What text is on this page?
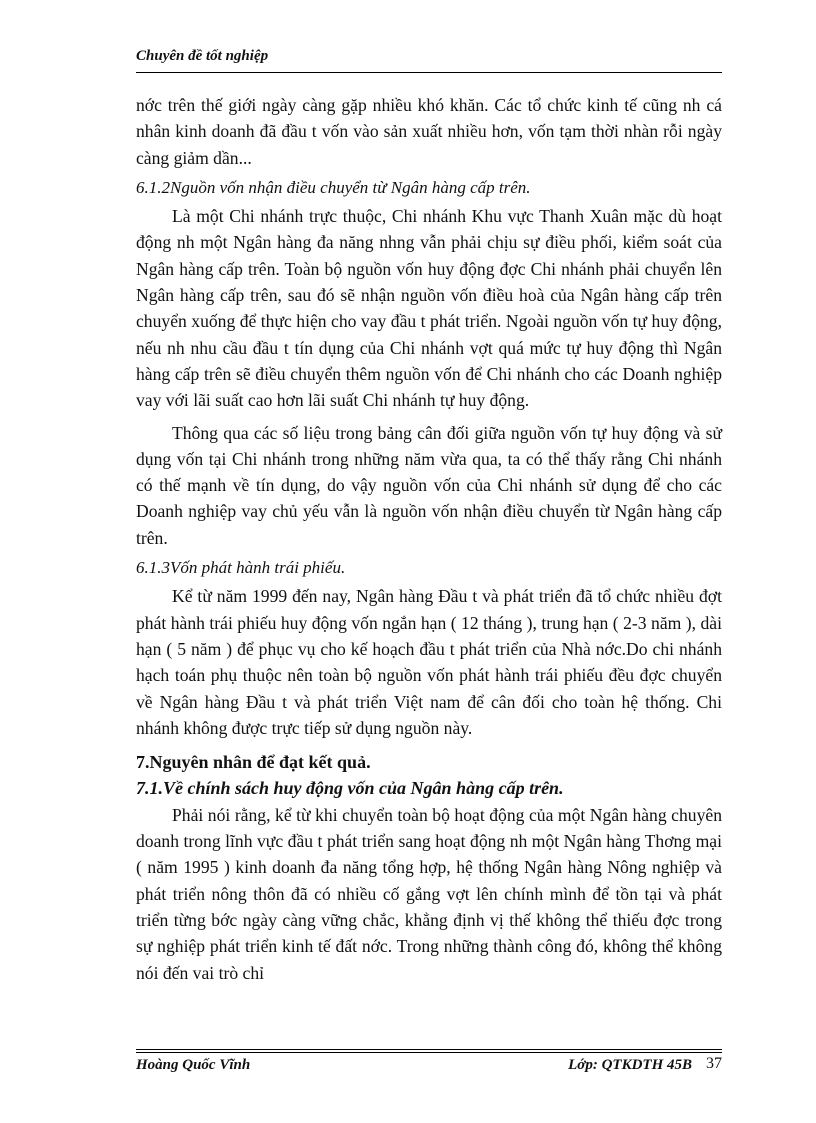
Chuyên đề tốt nghiệp

nớc trên thế giới ngày càng gặp nhiều khó khăn. Các tổ chức kinh tế cũng nh cá nhân kinh doanh đã đầu t vốn vào sản xuất nhiều hơn, vốn tạm thời nhàn rỗi ngày càng giảm dần...

6.1.2Nguồn vốn nhận điều chuyển từ Ngân hàng cấp trên.

Là một Chi nhánh trực thuộc, Chi nhánh Khu vực Thanh Xuân mặc dù hoạt động nh một Ngân hàng đa năng nhng vẫn phải chịu sự điều phối, kiểm soát của Ngân hàng cấp trên. Toàn bộ nguồn vốn huy động đợc Chi nhánh phải chuyển lên Ngân hàng cấp trên, sau đó sẽ nhận nguồn vốn điều hoà của Ngân hàng cấp trên chuyển xuống để thực hiện cho vay đầu t phát triển. Ngoài nguồn vốn tự huy động, nếu nh nhu cầu đầu t tín dụng của Chi nhánh vợt quá mức tự huy động thì Ngân hàng cấp trên sẽ điều chuyển thêm nguồn vốn để Chi nhánh cho các Doanh nghiệp vay với lãi suất cao hơn lãi suất Chi nhánh tự huy động.

Thông qua các số liệu trong bảng cân đối giữa nguồn vốn tự huy động và sử dụng vốn tại Chi nhánh trong những năm vừa qua, ta có thể thấy rằng Chi nhánh có thế mạnh về tín dụng, do vậy nguồn vốn của Chi nhánh sử dụng để cho các Doanh nghiệp vay chủ yếu vẫn là nguồn vốn nhận điều chuyển từ Ngân hàng cấp trên.

6.1.3Vốn phát hành trái phiếu.

Kể từ năm 1999 đến nay, Ngân hàng Đầu t và phát triển đã tổ chức nhiều đợt phát hành trái phiếu huy động vốn ngắn hạn ( 12 tháng ), trung hạn ( 2-3 năm ), dài hạn ( 5 năm ) để phục vụ cho kế hoạch đầu t phát triển của Nhà nớc.Do chi nhánh hạch toán phụ thuộc nên toàn bộ nguồn vốn phát hành trái phiếu đều đợc chuyển về Ngân hàng Đầu t và phát triển Việt nam để cân đối cho toàn hệ thống. Chi nhánh không được trực tiếp sử dụng nguồn này.

7.Nguyên nhân để đạt kết quả.

7.1.Về chính sách huy động vốn của Ngân hàng cấp trên.

Phải nói rằng, kể từ khi chuyển toàn bộ hoạt động của một Ngân hàng chuyên doanh trong lĩnh vực đầu t phát triển sang hoạt động nh một Ngân hàng Thơng mại ( năm 1995 ) kinh doanh đa năng tổng hợp, hệ thống Ngân hàng Nông nghiệp và phát triển nông thôn đã có nhiều cố gắng vợt lên chính mình để tồn tại và phát triển từng bớc ngày càng vững chắc, khẳng định vị thế không thể thiếu đợc trong sự nghiệp phát triển kinh tế đất nớc. Trong những thành công đó, không thể không nói đến vai trò chỉ

Hoàng Quốc Vĩnh	Lớp: QTKDTH 45B 37
